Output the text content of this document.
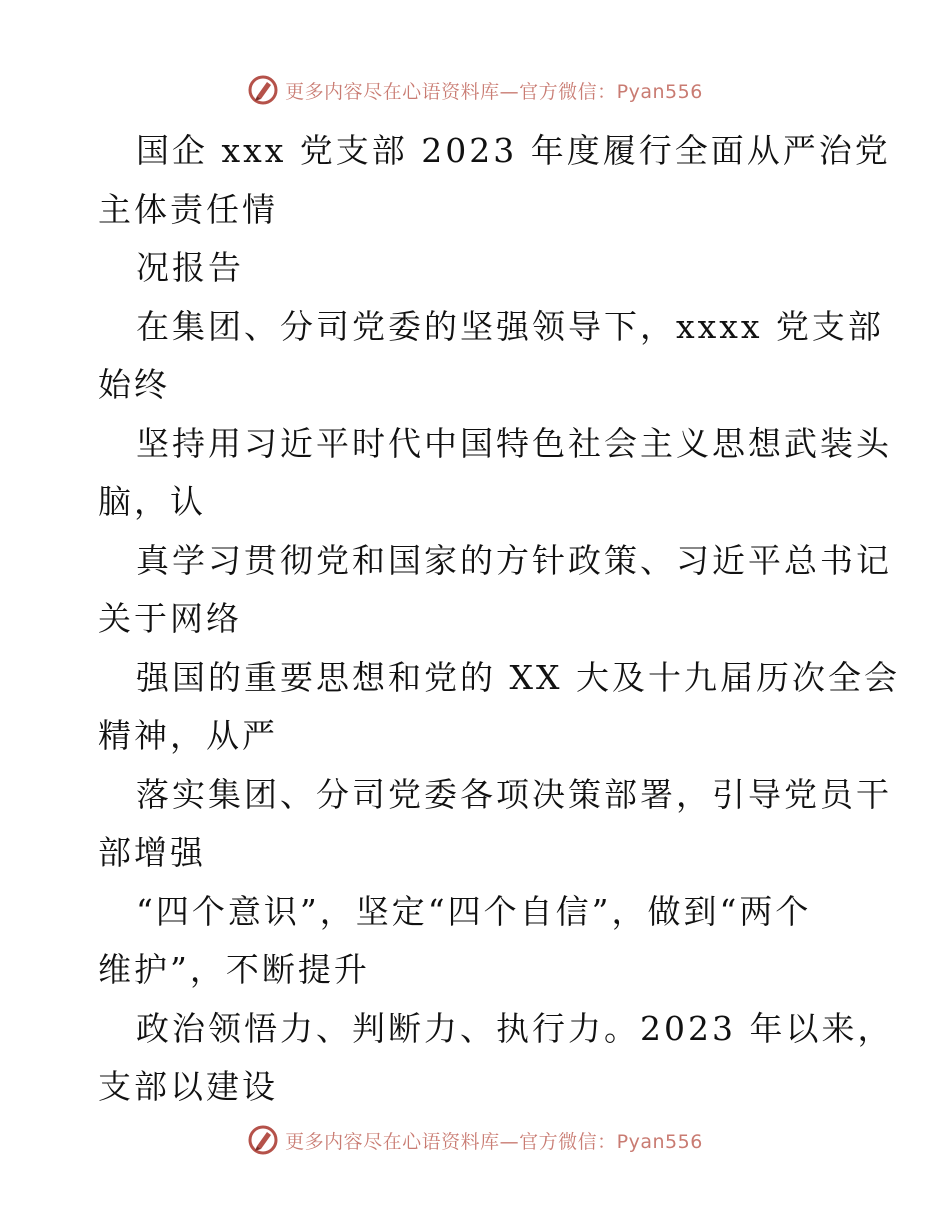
更多内容尽在心语资料库—官方微信：Pyan556
国企 xxx 党支部 2023 年度履行全面从严治党
主体责任情
况报告
在集团、分司党委的坚强领导下，xxxx 党支部
始终
坚持用习近平时代中国特色社会主义思想武装头
脑，认
真学习贯彻党和国家的方针政策、习近平总书记
关于网络
强国的重要思想和党的 XX 大及十九届历次全会
精神，从严
落实集团、分司党委各项决策部署，引导党员干
部增强
“四个意识”，坚定“四个自信”，做到“两个
维护”，不断提升
政治领悟力、判断力、执行力。2023 年以来，
支部以建设
更多内容尽在心语资料库—官方微信：Pyan556
